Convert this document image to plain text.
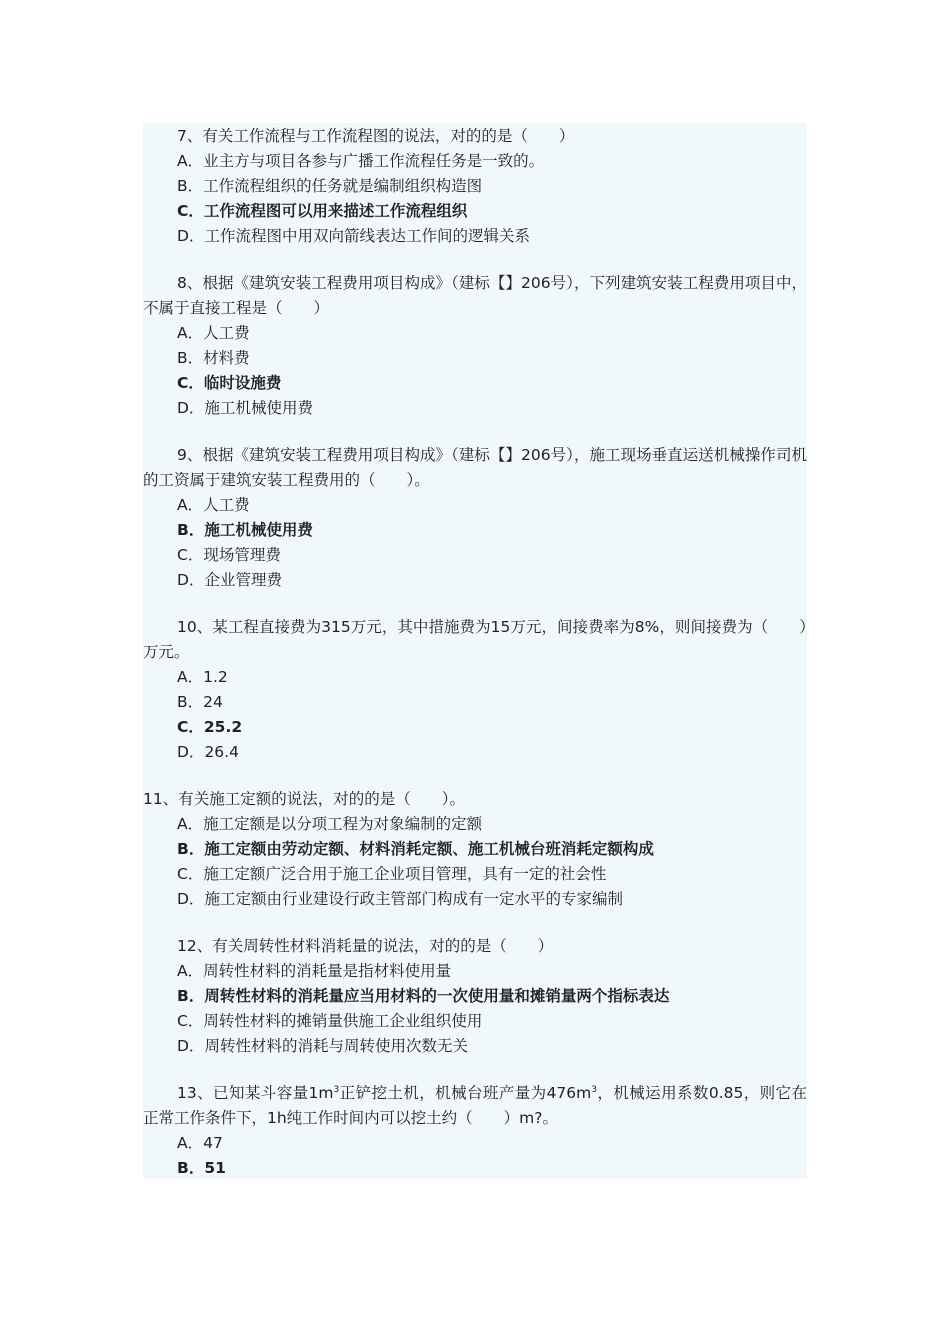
7、有关工作流程与工作流程图的说法，对的的是（　　）

A．业主方与项目各参与广播工作流程任务是一致的。

B．工作流程组织的任务就是编制组织构造图

C．工作流程图可以用来描述工作流程组织

D．工作流程图中用双向箭线表达工作间的逻辑关系

8、根据《建筑安装工程费用项目构成》（建标【】206号），下列建筑安装工程费用项目中，不属于直接工程是（　　）

A．人工费

B．材料费

C．临时设施费

D．施工机械使用费

9、根据《建筑安装工程费用项目构成》（建标【】206号），施工现场垂直运送机械操作司机的工资属于建筑安装工程费用的（　　）。

A．人工费

B．施工机械使用费

C．现场管理费

D．企业管理费

10、某工程直接费为315万元，其中措施费为15万元，间接费率为8%，则间接费为（　　）万元。

A．1.2

B．24

C．25.2

D．26.4

11、有关施工定额的说法，对的的是（　　）。

A．施工定额是以分项工程为对象编制的定额

B．施工定额由劳动定额、材料消耗定额、施工机械台班消耗定额构成

C．施工定额广泛合用于施工企业项目管理，具有一定的社会性

D．施工定额由行业建设行政主管部门构成有一定水平的专家编制

12、有关周转性材料消耗量的说法，对的的是（　　）

A．周转性材料的消耗量是指材料使用量

B．周转性材料的消耗量应当用材料的一次使用量和摊销量两个指标表达

C．周转性材料的摊销量供施工企业组织使用

D．周转性材料的消耗与周转使用次数无关

13、已知某斗容量$1m^3$正铲挖土机，机械台班产量为$476m^3$，机械运用系数0.85，则它在正常工作条件下，1h纯工作时间内可以挖土约（　　）m?。

A．47

B．51
